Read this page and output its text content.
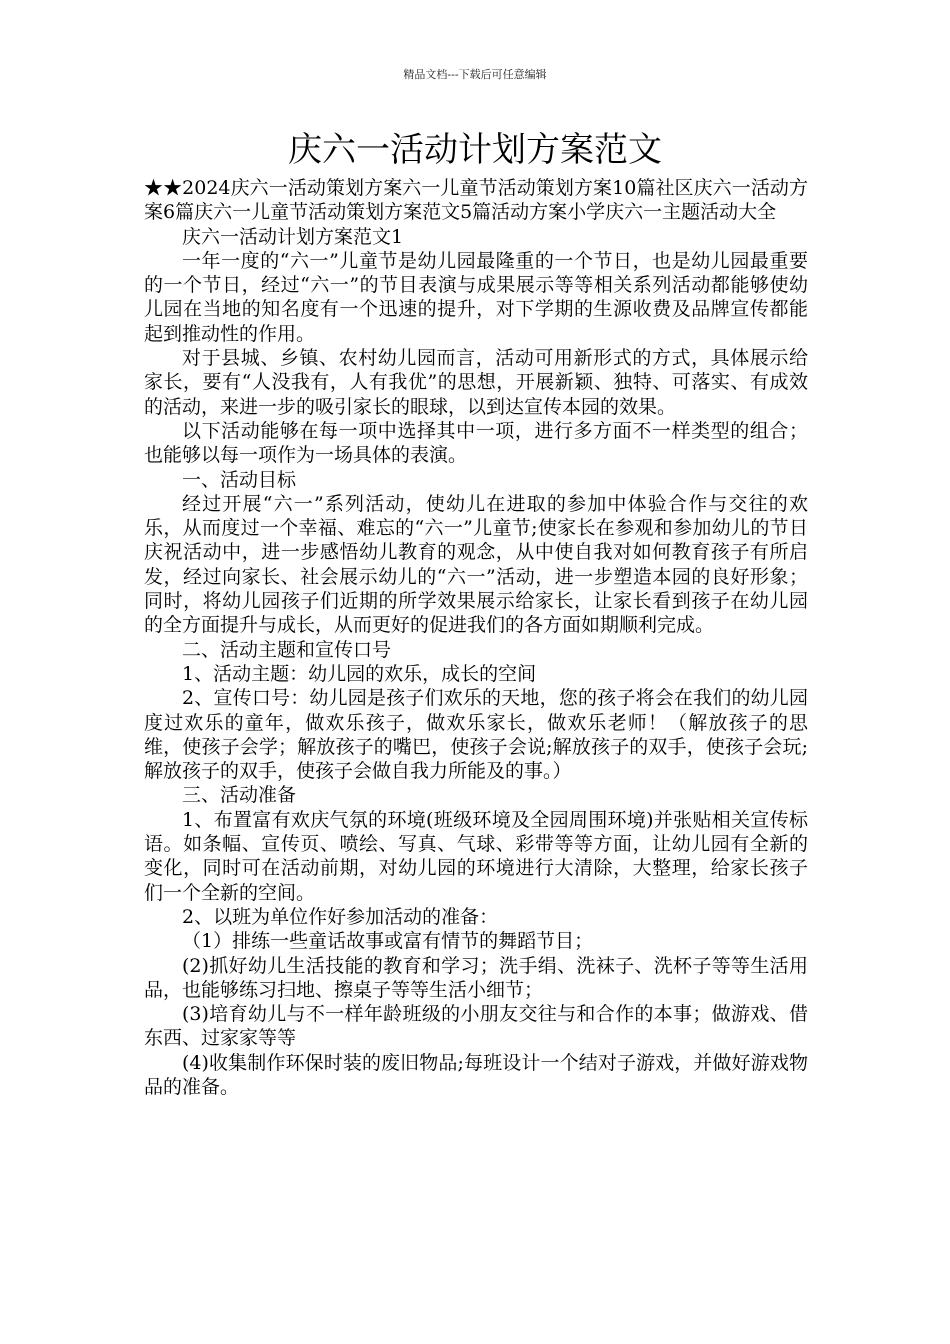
精品文档---下载后可任意编辑
庆六一活动计划方案范文

★★2024庆六一活动策划方案六一儿童节活动策划方案10篇社区庆六一活动方案6篇庆六一儿童节活动策划方案范文5篇活动方案小学庆六一主题活动大全

庆六一活动计划方案范文1

一年一度的“六一”儿童节是幼儿园最隆重的一个节日，也是幼儿园最重要的一个节日，经过“六一”的节目表演与成果展示等等相关系列活动都能够使幼儿园在当地的知名度有一个迅速的提升，对下学期的生源收费及品牌宣传都能起到推动性的作用。

对于县城、乡镇、农村幼儿园而言，活动可用新形式的方式，具体展示给家长，要有“人没我有，人有我优”的思想，开展新颖、独特、可落实、有成效的活动，来进一步的吸引家长的眼球，以到达宣传本园的效果。

以下活动能够在每一项中选择其中一项，进行多方面不一样类型的组合；也能够以每一项作为一场具体的表演。

一、活动目标

经过开展“六一”系列活动，使幼儿在进取的参加中体验合作与交往的欢乐，从而度过一个幸福、难忘的“六一”儿童节;使家长在参观和参加幼儿的节日庆祝活动中，进一步感悟幼儿教育的观念，从中使自我对如何教育孩子有所启发，经过向家长、社会展示幼儿的“六一”活动，进一步塑造本园的良好形象；同时，将幼儿园孩子们近期的所学效果展示给家长，让家长看到孩子在幼儿园的全方面提升与成长，从而更好的促进我们的各方面如期顺利完成。

二、活动主题和宣传口号

1、活动主题：幼儿园的欢乐，成长的空间

2、宣传口号：幼儿园是孩子们欢乐的天地，您的孩子将会在我们的幼儿园度过欢乐的童年，做欢乐孩子，做欢乐家长，做欢乐老师！（解放孩子的思维，使孩子会学；解放孩子的嘴巴，使孩子会说;解放孩子的双手，使孩子会玩;解放孩子的双手，使孩子会做自我力所能及的事。）

三、活动准备

1、布置富有欢庆气氛的环境(班级环境及全园周围环境)并张贴相关宣传标语。如条幅、宣传页、喷绘、写真、气球、彩带等等方面，让幼儿园有全新的变化，同时可在活动前期，对幼儿园的环境进行大清除，大整理，给家长孩子们一个全新的空间。

2、以班为单位作好参加活动的准备：

（1）排练一些童话故事或富有情节的舞蹈节目；

(2)抓好幼儿生活技能的教育和学习；洗手绢、洗袜子、洗杯子等等生活用品，也能够练习扫地、擦桌子等等生活小细节；

(3)培育幼儿与不一样年龄班级的小朋友交往与和合作的本事；做游戏、借东西、过家家等等

(4)收集制作环保时装的废旧物品;每班设计一个结对子游戏，并做好游戏物品的准备。
